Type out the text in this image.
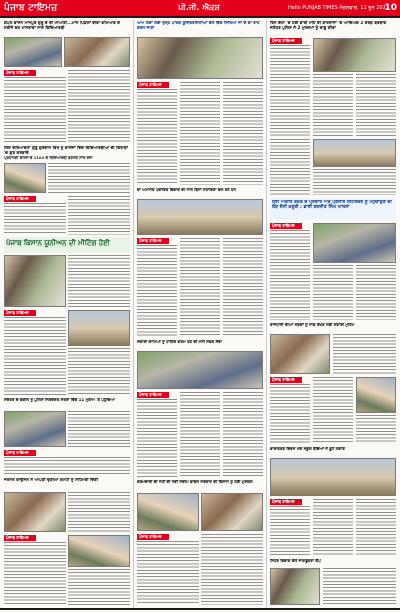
ਪੰਜਾਬ ਟਾਇਮਜ਼	ਪੀ.ਜੀ. ਐਕਸ਼	Hello PUNJAB TIMES ਮੰਗਲਵਾਰ, 11 ਜੂਨ 2022
10
ਗੋਪਲ ਵਾਸਨ ਮਾਨਪੁਰ ਗੁਰੂ ਦੇ ਦੀ ਮੀਆਣੀ...ਮਾਨ ਪਿੰਡਲਾਂ ਦੀਵਾ ਗਮਿਆਣ ਦੇ ਨਤੀਜੇ ਦਰ ਮਾਨਤਾਵਾ ਸਾਰੇ ਵਿਦਿਆਰਥੀ
ਪੰਜਾਬ ਟਾਇਮਜ਼
ਲਿਸ਼ ਦਰਿਆਦਲਾ ਗੁਰੂ ਗੁਰਦਾਸ ਵਿਖੇ ਨੂੰ ਕਾਲੇਜਾਂ ਵਿੱਚ ਵਿਦਿਆਰਥੀਆਂ ਦੀ ਕਿਤਾਬਾਂ 'ਚ ਗੁਣ ਕਰਵਾਏ
ਪ੍ਰਧਾਨਗੀ ਕਾਲਜ ਦੇ 1100 ਦੇ ਵਿਦਿਆਰਥੀ ਬਣਨਗੇ ਸਾਰ ਰੋਜ਼ਾ
ਪੰਜਾਬ ਟਾਇਮਜ਼
ਪੰਜਾਬ ਕਿਸਾਨ ਯੂਨੀਅਨ ਦੀ ਮੀਟਿੰਗ ਹੋਈ
ਪੰਜਾਬ ਟਾਇਮਜ਼
ਸਕੱਤਰ ਦੇ ਵਕੀਲ ਨੂੰ ਪੁਲਿਸ ਨਿਰਦੇਸ਼ਤ ਸਤਰਾਂ ਵਿੱਚ 11 ਮੁਕਾਮ 'ਤੇ ਪਹੁੰਚਿਆ
ਪੰਜਾਬ ਟਾਇਮਜ਼
ਜਰਨਲ ਕਾਉਂਸਲ ਨੇ ਆਪਣੀ ਚੁਣੀਆਂ ਕਮੇਟੀ ਨੂੰ ਸਹਿਮਤੀ ਦਿੱਤੀ
ਪੰਜਾਬ ਟਾਇਮਜ਼
ਆਮ ਲੋਕਾਂ ਲਈ ਖੁੱਲ੍ਹ ਪਾਰਕ ਯੂਨੀਵਰਸਿਟੀਆਂ ਵੱਲੋਂ ਵਿੱਦ ਸਿਖਿਆ ਜਾਂ ਦੇ ਚਾ ਰਾਹ ਕਰਨ ਜਾਣਾਂ
ਪੰਜਾਬ ਟਾਇਮਜ਼
ਦਾ ਅਮਾਨਤ ਪੰਚਾਇਤ ਵਿਭਾਗ ਦੀ ਨਾਲ ਬਿਨਾਂ ਸਹਾਇਤਾ ਚਲ ਰਹੇ ਹਨ
ਪੰਜਾਬ ਟਾਇਮਜ਼
ਸਫ਼ਾਈ ਕਾਮਿਆਂ ਨੂੰ ਹਾਸ਼ਿਸ਼ ਗਰਮ ਹੋਣ ਦੀ ਮੰਨੀ ਸਫ਼ਰ ਸੇਵਾ
ਪੰਜਾਬ ਟਾਇਮਜ਼
ਕਰਮਚਾਰੀ ਦੀ ਨਹੀਂ ਦੀ ਨਵੀਂ ਸਕੀਮ ਬਾਦਲ ਸਰਕਾਰ ਦੀ ਕਿਸਾਨ ਨੂੰ ਹੋਈ ਮੁਸ਼ਕਲ
ਪੰਜਾਬ ਟਾਇਮਜ਼
ਤਿੰਨ ਕੱਲਾ 'ਚ ਹੋਈ ਭਾਰੀ ਮੀਂਹ ਦੀ ਬਾਰਸ਼ਾਨਾ 'ਚ ਆਦਿਅਕ 2 ਕਰੋੜ ਬਰਬਾਦ ਜਲੰਧਰ ਪੁਲਿਸ ਨੇ 2 ਮੁਲਜ਼ਮਾਂ ਨੂੰ ਕਾਬੂ ਕੀਤਾ
ਪੰਜਾਬ ਟਾਇਮਜ਼
ਸ੍ਰੀ ਅਕਾਲ ਤਖ਼ਤ ਦੇ ਪ੍ਰਚਾਰ ਅਤੇ ਪ੍ਰਸਾਰ ਲਿਟਰੇਚਰ ਨੂੰ ਪਹੁੰਚਾਉਣ ਦੀ ਲੋੜ ਜੈਨੀ ਖ਼ਰੂਰੀ : ਭਾਈ ਰਣਜੀਤ ਸਿੰਘ ਖਾਲਸਾ
ਪੰਜਾਬ ਟਾਇਮਜ਼
ਰਾਜਧਾਨੀ ਦੀਆਂ ਸੜਕਾਂ ਨੂੰ ਸਾਫ਼ ਰੱਖਣ ਲਈ ਸਫਾਈ ਮੁਹਿੰਮ
ਪੰਜਾਬ ਟਾਇਮਜ਼
ਵਾਤਾਵਰਣ ਦਿਵਸ ਮੌਕੇ ਸਕੂਲ ਬੱਚਿਆਂ ਨੇ ਬੂਟੇ ਲਗਾਏ
ਪੰਜਾਬ ਟਾਇਮਜ਼
ਸਿਹਤ ਵਿਭਾਗ ਵੱਲੋਂ ਜਾਗਰੂਕਤਾ ਕੈਂਪ
